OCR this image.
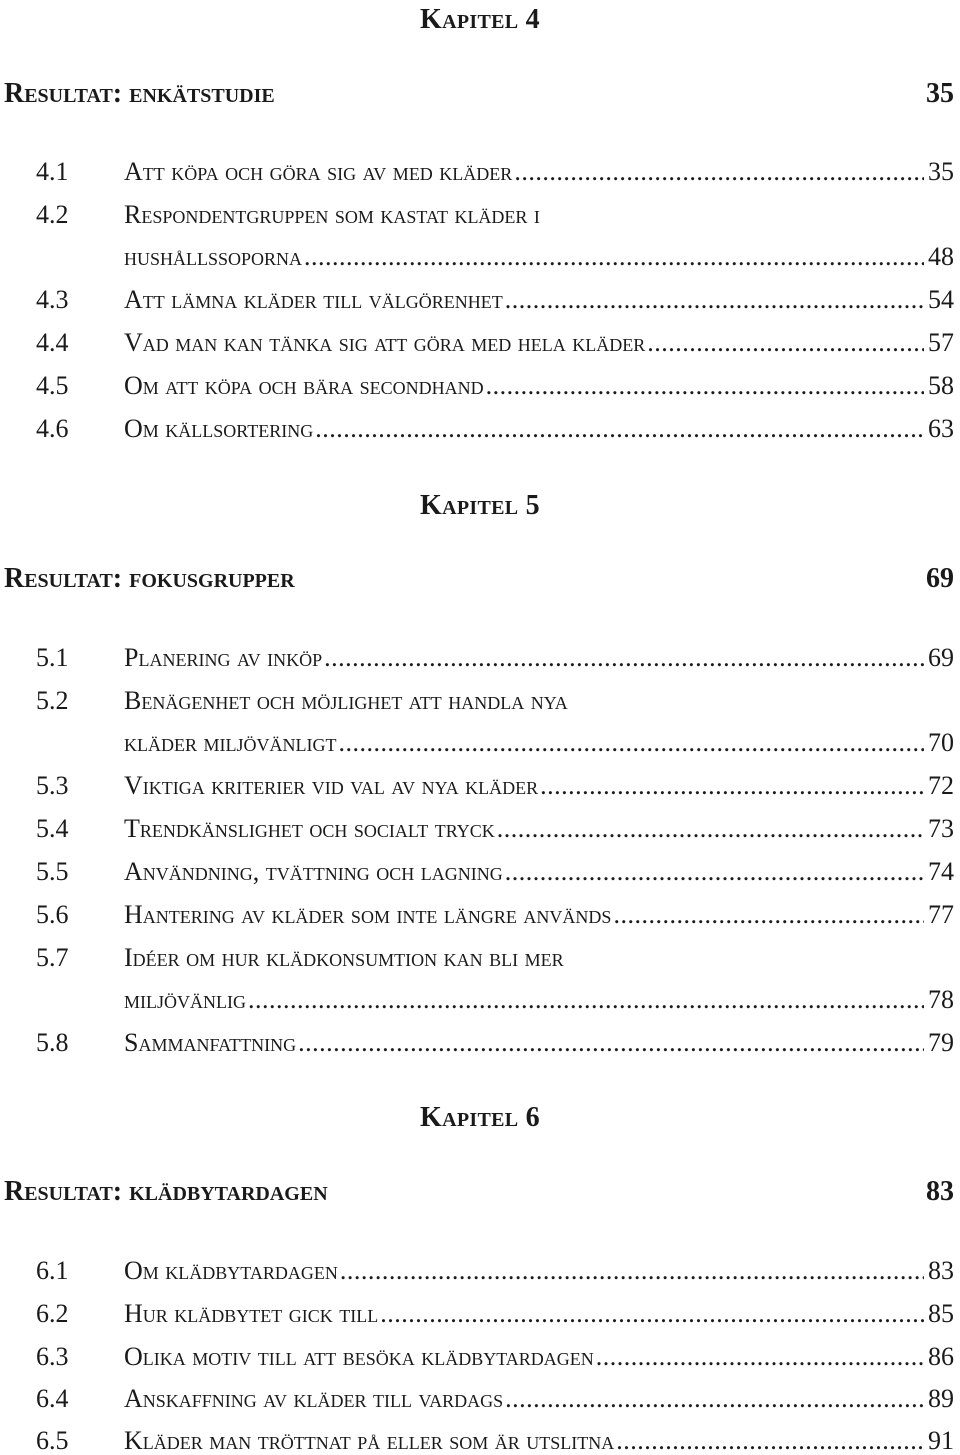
Kapitel 4
Resultat: enkätstudie	35
4.1	Att köpa och göra sig av med kläder . . .	35
4.2	Respondentgruppen som kastat kläder i
hushållssoporna . . .	48
4.3	Att lämna kläder till välgörenhet . . .	54
4.4	Vad man kan tänka sig att göra med hela kläder . . .	57
4.5	Om att köpa och bära secondhand . . .	58
4.6	Om källsortering . . .	63
Kapitel 5
Resultat: fokusgrupper	69
5.1	Planering av inköp . . .	69
5.2	Benägenhet och möjlighet att handla nya
kläder miljövänligt . . .	70
5.3	Viktiga kriterier vid val av nya kläder . . .	72
5.4	Trendkänslighet och socialt tryck . . .	73
5.5	Användning, tvättning och lagning . . .	74
5.6	Hantering av kläder som inte längre används . . .	77
5.7	Idéer om hur klädkonsumtion kan bli mer
miljövänlig . . .	78
5.8	Sammanfattning . . .	79
Kapitel 6
Resultat: klädbytardagen	83
6.1	Om klädbytardagen . . .	83
6.2	Hur klädbytet gick till . . .	85
6.3	Olika motiv till att besöka klädbytardagen . . .	86
6.4	Anskaffning av kläder till vardags . . .	89
6.5	Kläder man tröttnat på eller som är utslitna . . .	91
